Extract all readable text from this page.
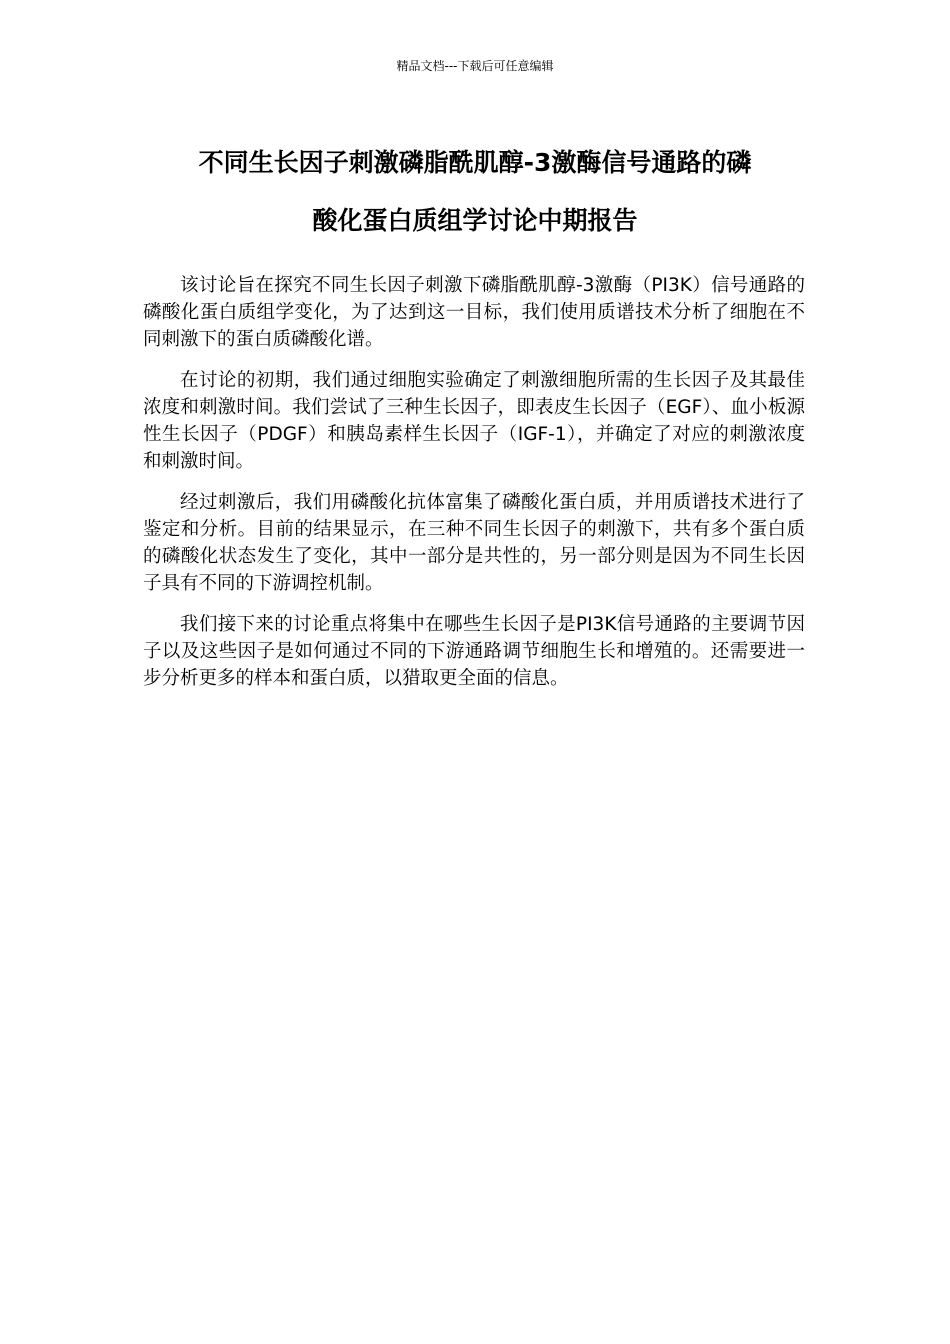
精品文档---下载后可任意编辑
不同生长因子刺激磷脂酰肌醇-3激酶信号通路的磷
酸化蛋白质组学讨论中期报告

该讨论旨在探究不同生长因子刺激下磷脂酰肌醇-3激酶（PI3K）信号通路的磷酸化蛋白质组学变化，为了达到这一目标，我们使用质谱技术分析了细胞在不同刺激下的蛋白质磷酸化谱。

在讨论的初期，我们通过细胞实验确定了刺激细胞所需的生长因子及其最佳浓度和刺激时间。我们尝试了三种生长因子，即表皮生长因子（EGF）、血小板源性生长因子（PDGF）和胰岛素样生长因子（IGF-1），并确定了对应的刺激浓度和刺激时间。

经过刺激后，我们用磷酸化抗体富集了磷酸化蛋白质，并用质谱技术进行了鉴定和分析。目前的结果显示，在三种不同生长因子的刺激下，共有多个蛋白质的磷酸化状态发生了变化，其中一部分是共性的，另一部分则是因为不同生长因子具有不同的下游调控机制。

我们接下来的讨论重点将集中在哪些生长因子是PI3K信号通路的主要调节因子以及这些因子是如何通过不同的下游通路调节细胞生长和增殖的。还需要进一步分析更多的样本和蛋白质，以猎取更全面的信息。
